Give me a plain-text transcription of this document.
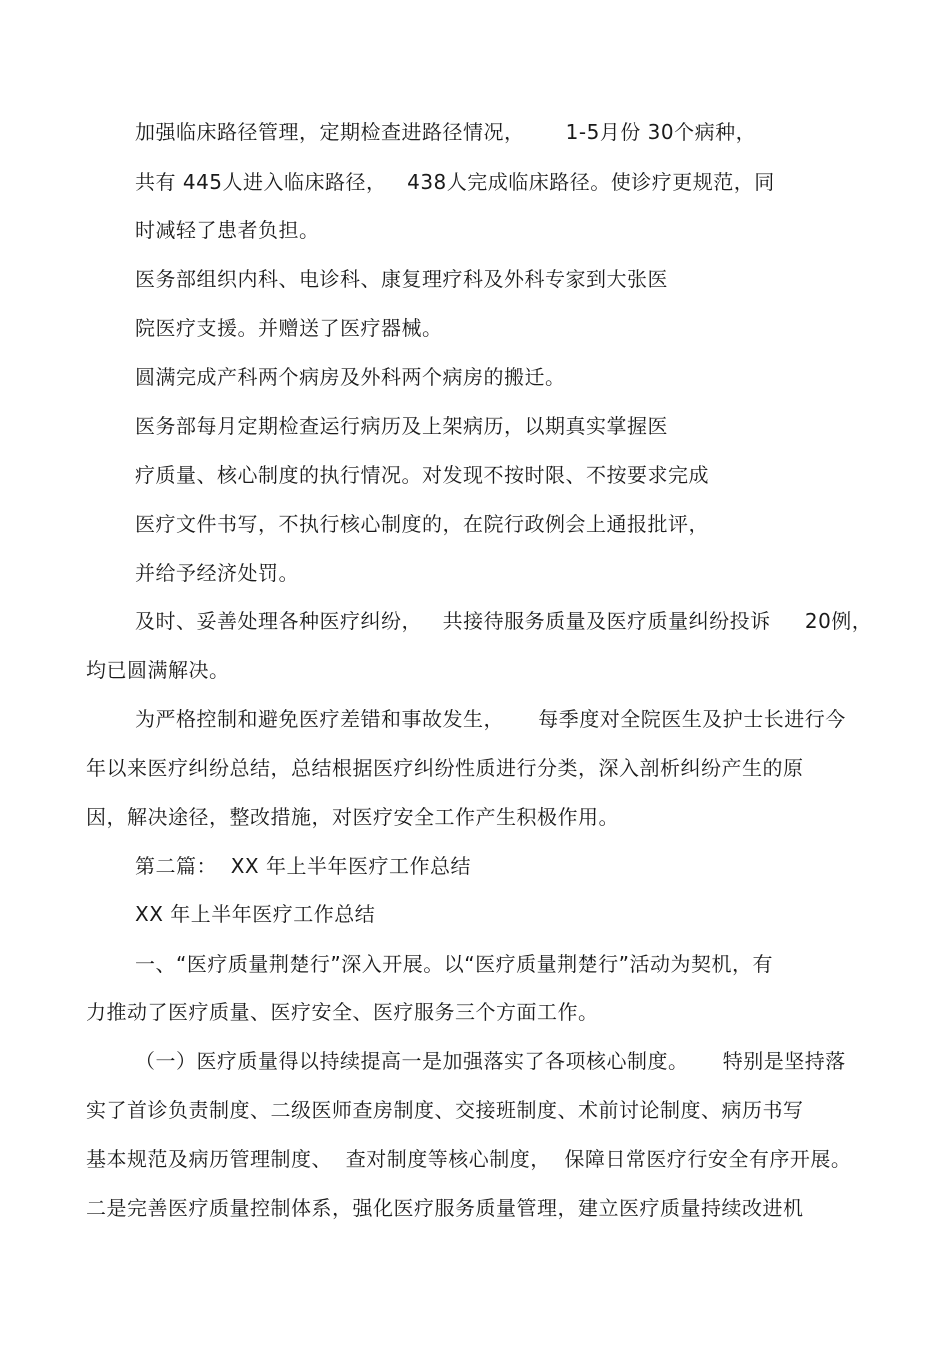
加强临床路径管理，定期检查进路径情况，      1-5月份 30个病种，
共有 445人进入临床路径，   438人完成临床路径。使诊疗更规范，同
时减轻了患者负担。
医务部组织内科、电诊科、康复理疗科及外科专家到大张医
院医疗支援。并赠送了医疗器械。
圆满完成产科两个病房及外科两个病房的搬迁。
医务部每月定期检查运行病历及上架病历，以期真实掌握医
疗质量、核心制度的执行情况。对发现不按时限、不按要求完成
医疗文件书写，不执行核心制度的，在院行政例会上通报批评，
并给予经济处罚。
及时、妥善处理各种医疗纠纷，   共接待服务质量及医疗质量纠纷投诉     20例，
均已圆满解决。
为严格控制和避免医疗差错和事故发生，     每季度对全院医生及护士长进行今
年以来医疗纠纷总结，总结根据医疗纠纷性质进行分类，深入剖析纠纷产生的原
因，解决途径，整改措施，对医疗安全工作产生积极作用。
第二篇：  XX 年上半年医疗工作总结
XX 年上半年医疗工作总结
一、“医疗质量荆楚行”深入开展。以“医疗质量荆楚行”活动为契机，有
力推动了医疗质量、医疗安全、医疗服务三个方面工作。
（一）医疗质量得以持续提高一是加强落实了各项核心制度。     特别是坚持落
实了首诊负责制度、二级医师查房制度、交接班制度、术前讨论制度、病历书写
基本规范及病历管理制度、  查对制度等核心制度，  保障日常医疗行安全有序开展。
二是完善医疗质量控制体系，强化医疗服务质量管理，建立医疗质量持续改进机
